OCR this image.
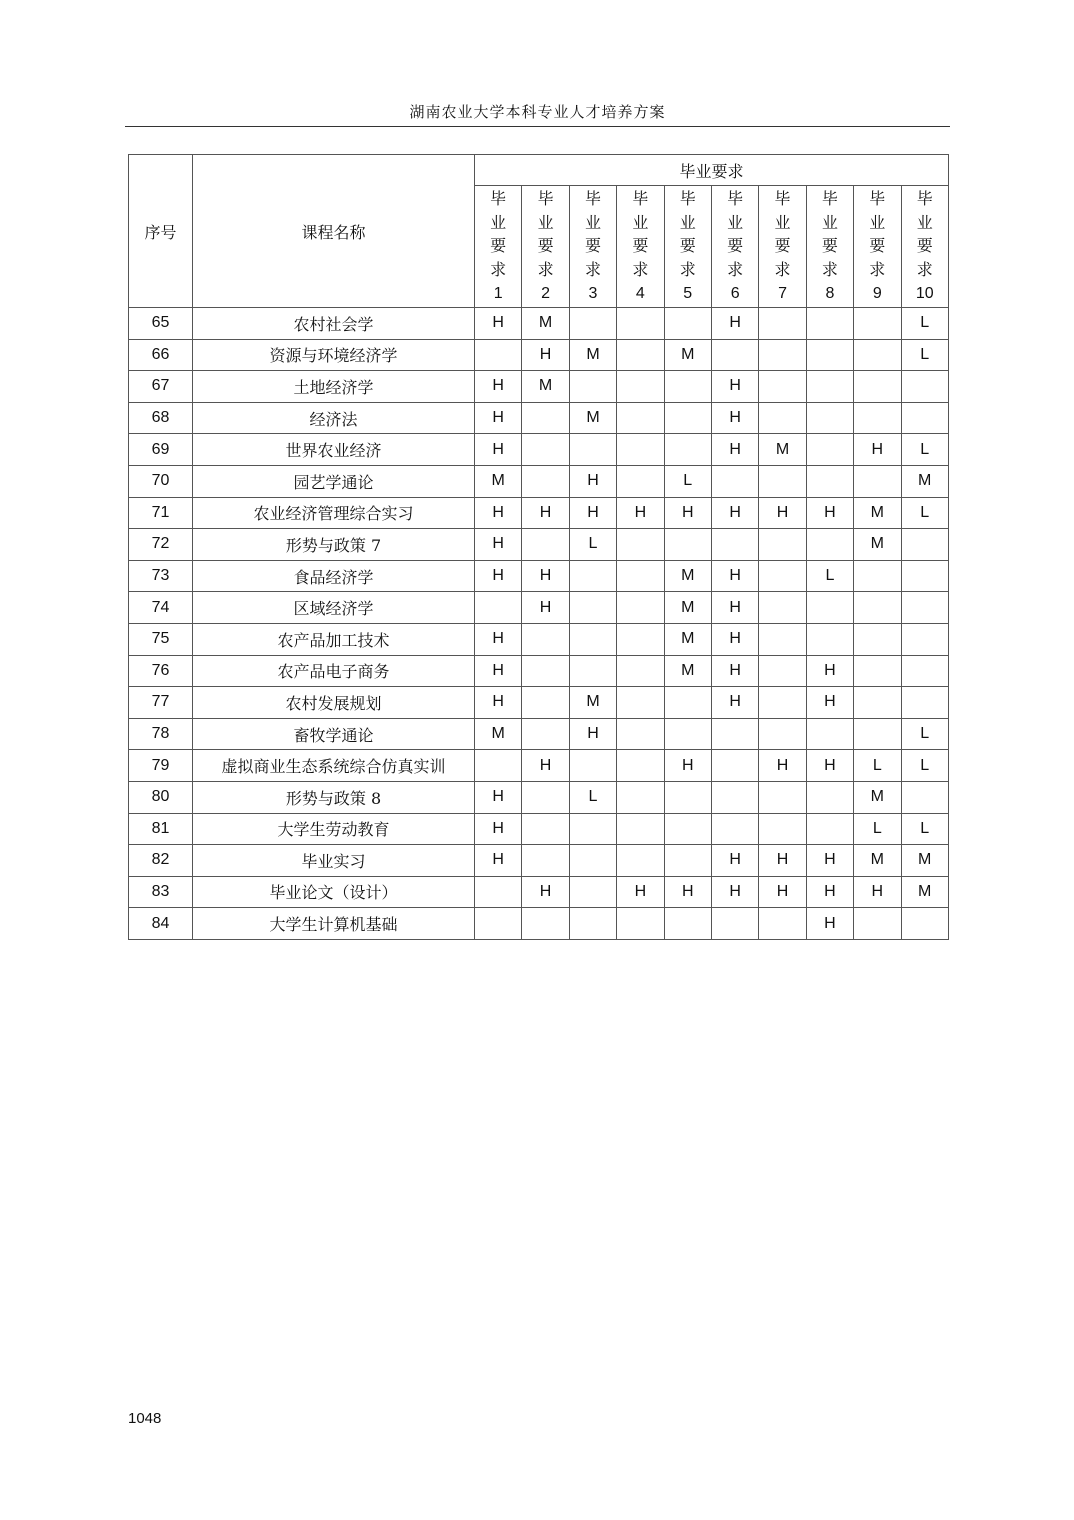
湖南农业大学本科专业人才培养方案
序号	课程名称	毕业要求									
		毕业要求1	毕业要求2	毕业要求3	毕业要求4	毕业要求5	毕业要求6	毕业要求7	毕业要求8	毕业要求9	毕业要求10
65	农村社会学	H	M				H				L
66	资源与环境经济学		H	M		M					L
67	土地经济学	H	M				H				
68	经济法	H		M			H				
69	世界农业经济	H					H	M		H	L
70	园艺学通论	M		H		L					M
71	农业经济管理综合实习	H	H	H	H	H	H	H	H	M	L
72	形势与政策 7	H		L						M	
73	食品经济学	H	H			M	H		L		
74	区域经济学		H			M	H				
75	农产品加工技术	H				M	H				
76	农产品电子商务	H				M	H		H		
77	农村发展规划	H		M			H		H		
78	畜牧学通论	M		H							L
79	虚拟商业生态系统综合仿真实训		H			H		H	H	L	L
80	形势与政策 8	H		L						M	
81	大学生劳动教育	H								L	L
82	毕业实习	H					H	H	H	M	M
83	毕业论文（设计）		H		H	H	H	H	H	H	M
84	大学生计算机基础								H		
1048
